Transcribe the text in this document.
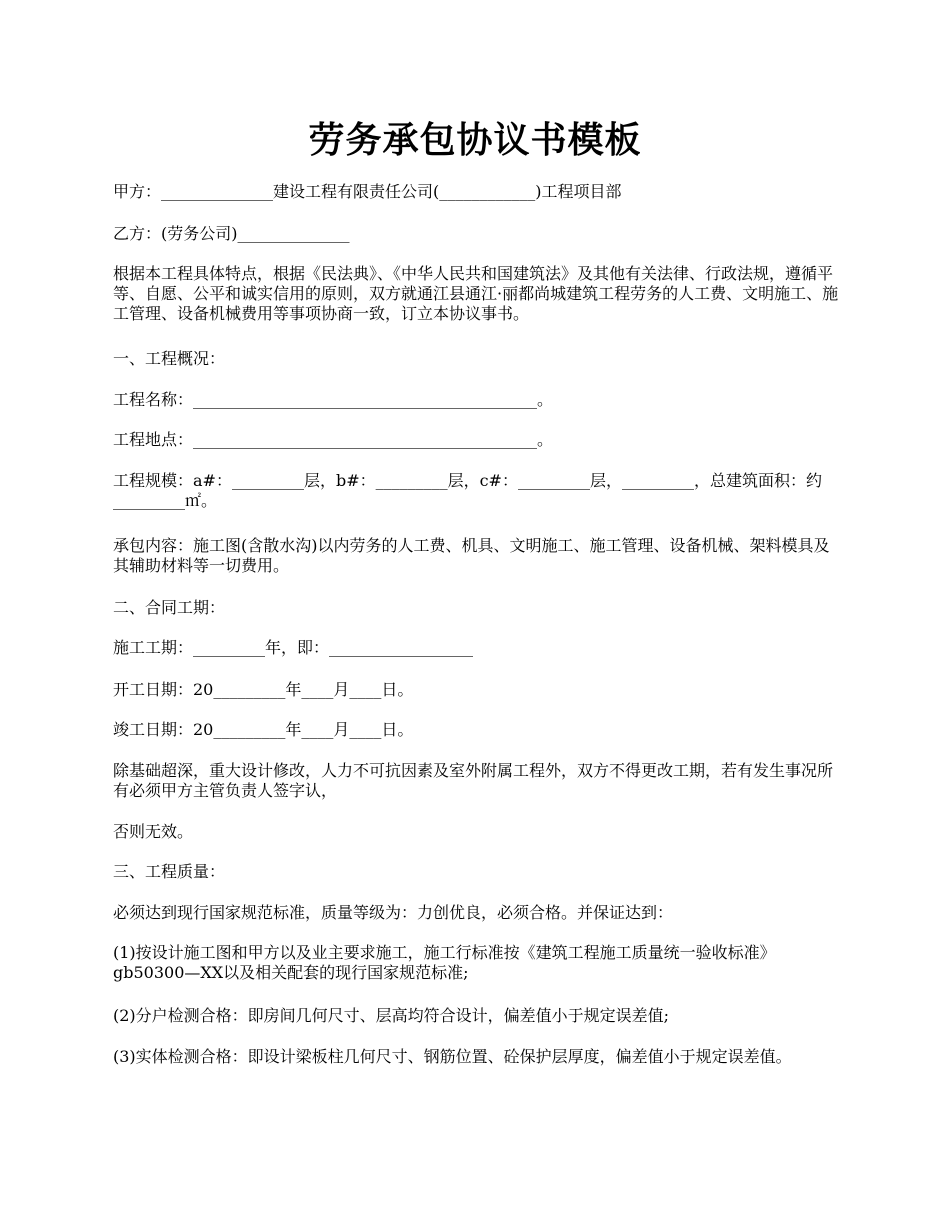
劳务承包协议书模板
甲方：______________建设工程有限责任公司(____________)工程项目部
乙方：(劳务公司)______________
根据本工程具体特点，根据《民法典》、《中华人民共和国建筑法》及其他有关法律、行政法规，遵循平等、自愿、公平和诚实信用的原则，双方就通江县通江·丽都尚城建筑工程劳务的人工费、文明施工、施工管理、设备机械费用等事项协商一致，订立本协议事书。
一、工程概况：
工程名称：___________________________________________。
工程地点：___________________________________________。
工程规模：a#：_________层，b#：_________层，c#：_________层，_________，总建筑面积：约_________㎡。
承包内容：施工图(含散水沟)以内劳务的人工费、机具、文明施工、施工管理、设备机械、架料模具及其辅助材料等一切费用。
二、合同工期：
施工工期：_________年，即：__________________
开工日期：20_________年____月____日。
竣工日期：20_________年____月____日。
除基础超深，重大设计修改，人力不可抗因素及室外附属工程外，双方不得更改工期，若有发生事况所有必须甲方主管负责人签字认，
否则无效。
三、工程质量：
必须达到现行国家规范标准，质量等级为：力创优良，必须合格。并保证达到：
(1)按设计施工图和甲方以及业主要求施工，施工行标准按《建筑工程施工质量统一验收标准》gb50300—XX以及相关配套的现行国家规范标准;
(2)分户检测合格：即房间几何尺寸、层高均符合设计，偏差值小于规定误差值;
(3)实体检测合格：即设计梁板柱几何尺寸、钢筋位置、砼保护层厚度，偏差值小于规定误差值。
